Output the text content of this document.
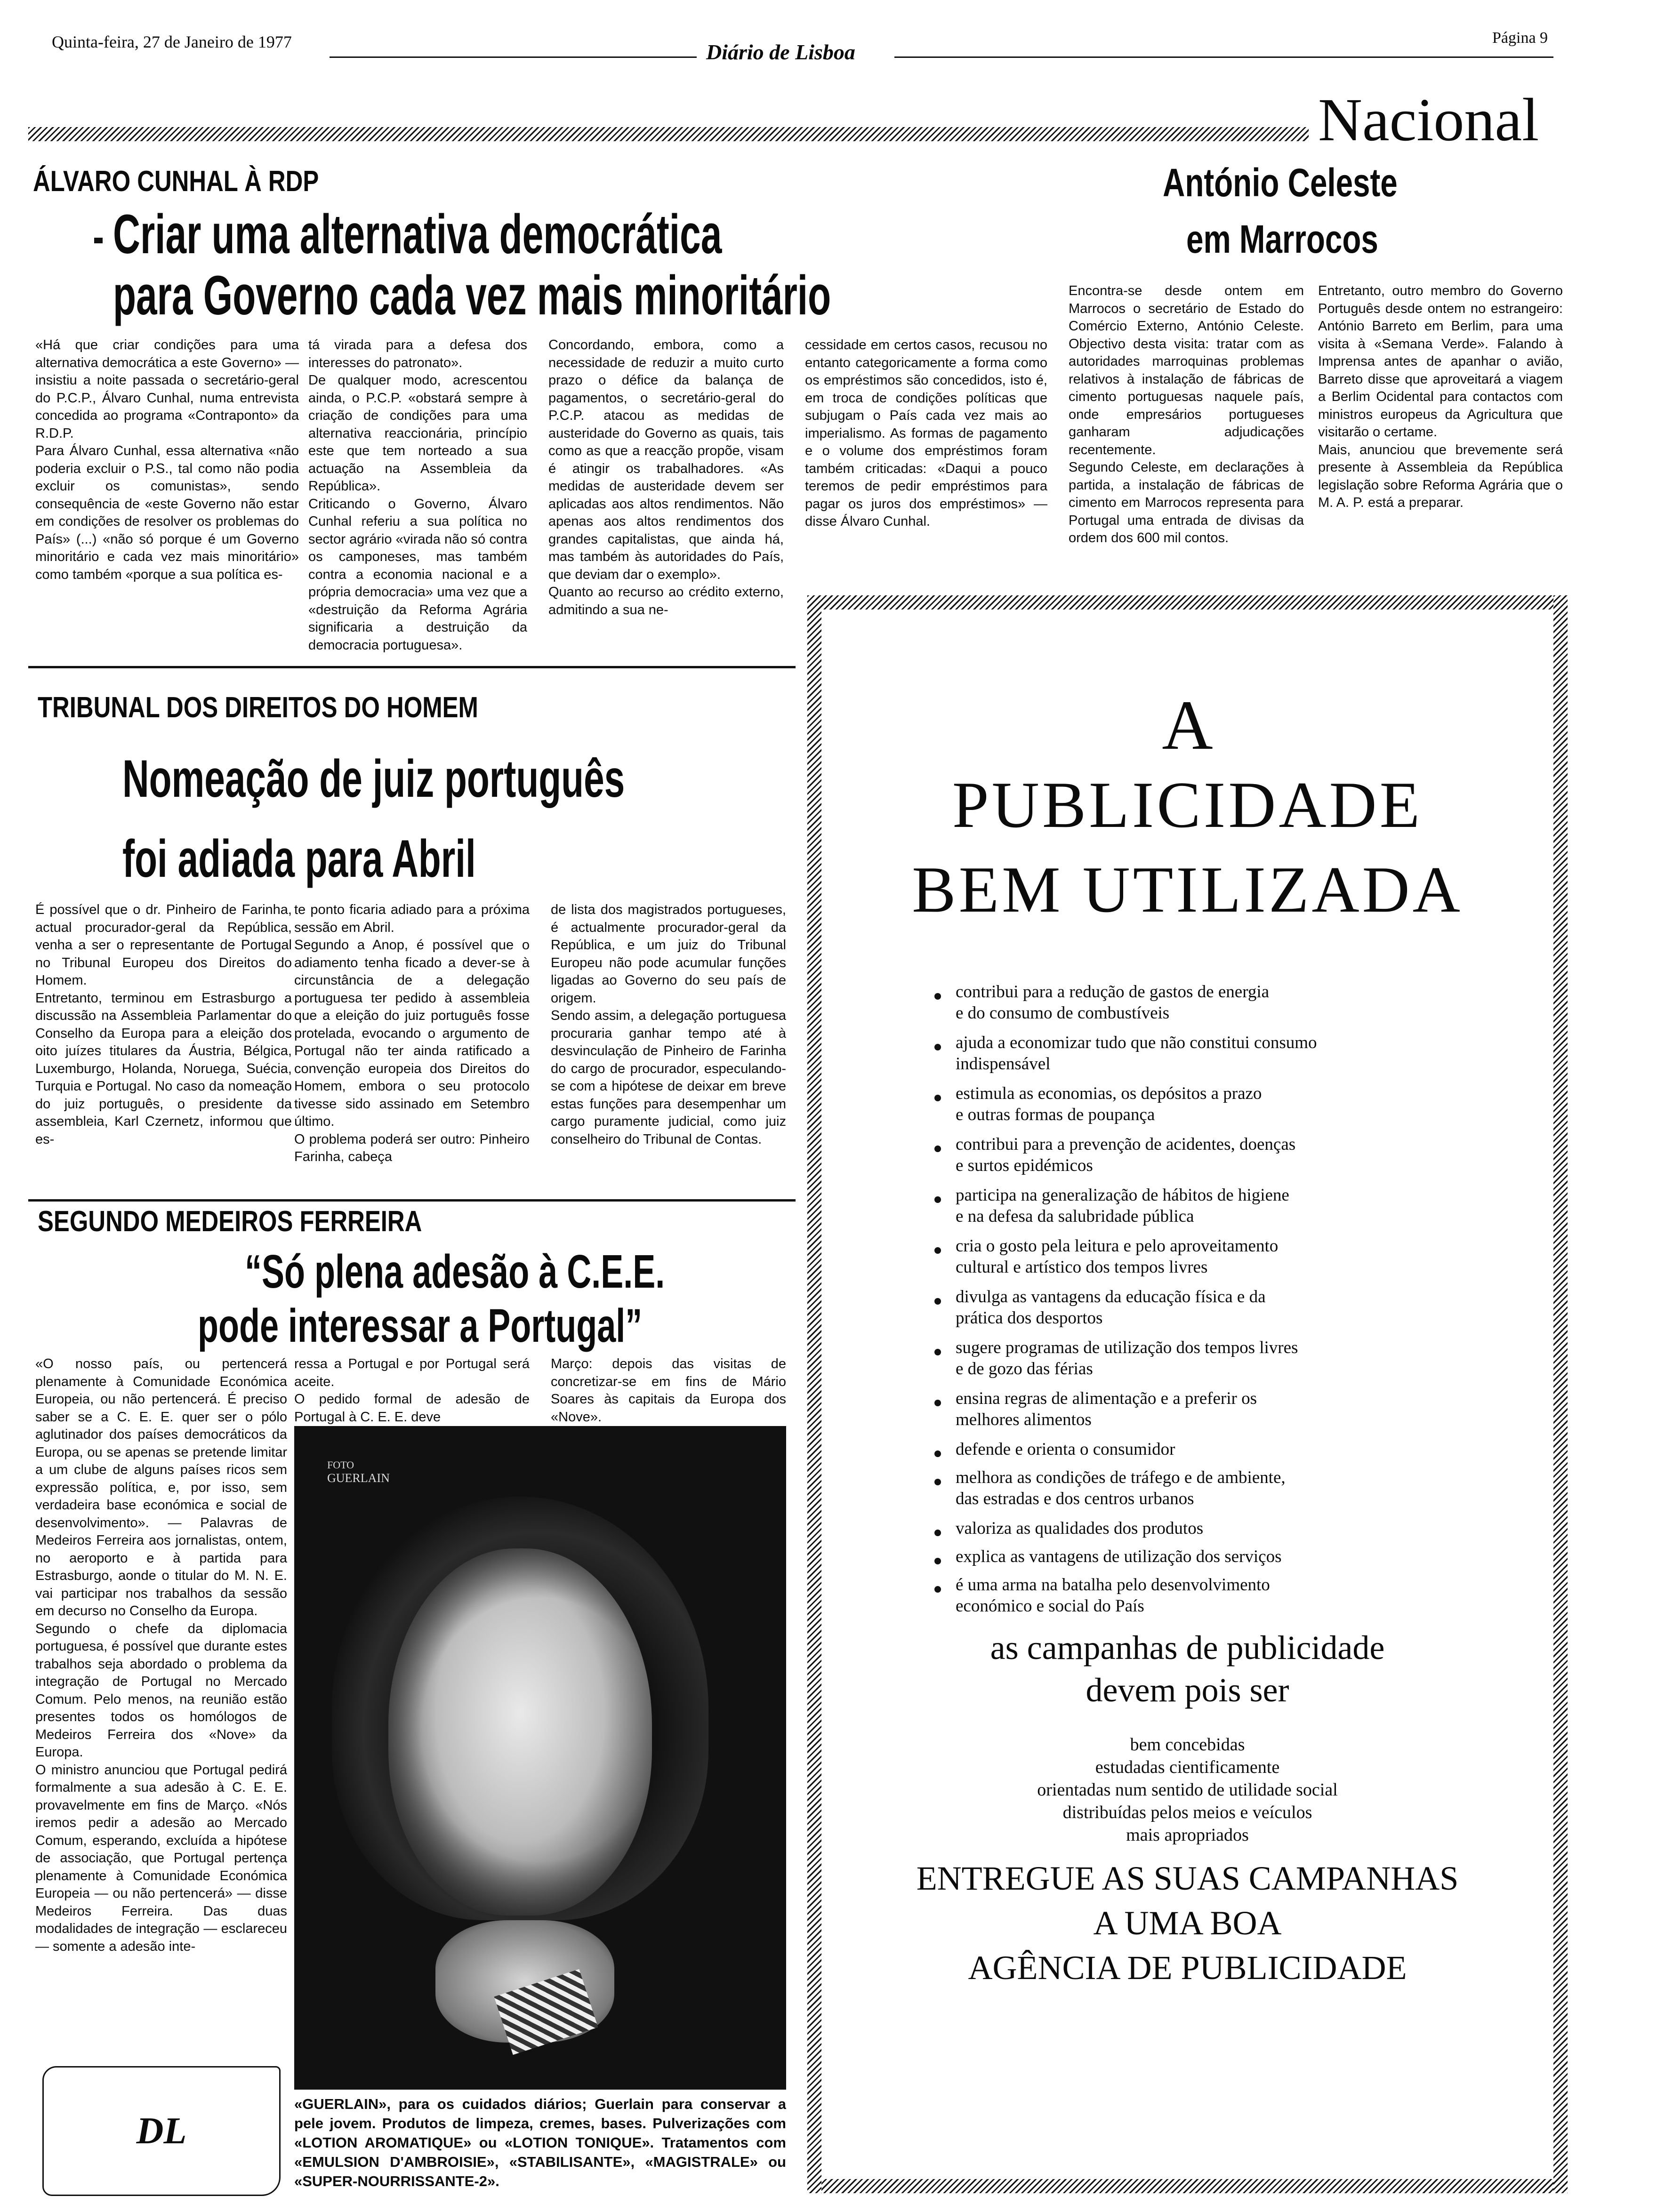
Quinta-feira, 27 de Janeiro de 1977	Diário de Lisboa
Página 9
Nacional
ÁLVARO CUNHAL À RDP
Criar uma alternativa democrática
para Governo cada vez mais minoritário
«Há que criar condições para uma alternativa democrática a este Governo» — insistiu a noite passada o secretário-geral do P.C.P., Álvaro Cunhal, numa entrevista concedida ao programa «Contraponto» da R.D.P.
Para Álvaro Cunhal, essa alternativa «não poderia excluir o P.S., tal como não podia excluir os comunistas», sendo consequência de «este Governo não estar em condições de resolver os problemas do País» (...) «não só porque é um Governo minoritário e cada vez mais minoritário» como também «porque a sua política es-
tá virada para a defesa dos interesses do patronato».
De qualquer modo, acrescentou ainda, o P.C.P. «obstará sempre à criação de condições para uma alternativa reaccionária, princípio este que tem norteado a sua actuação na Assembleia da República».
Criticando o Governo, Álvaro Cunhal referiu a sua política no sector agrário «virada não só contra os camponeses, mas também contra a economia nacional e a própria democracia» uma vez que a «destruição da Reforma Agrária significaria a destruição da democracia portuguesa».
Concordando, embora, como a necessidade de reduzir a muito curto prazo o défice da balança de pagamentos, o secretário-geral do P.C.P. atacou as medidas de austeridade do Governo as quais, tais como as que a reacção propõe, visam é atingir os trabalhadores. «As medidas de austeridade devem ser aplicadas aos altos rendimentos. Não apenas aos altos rendimentos dos grandes capitalistas, que ainda há, mas também às autoridades do País, que deviam dar o exemplo».
Quanto ao recurso ao crédito externo, admitindo a sua ne-
cessidade em certos casos, recusou no entanto categoricamente a forma como os empréstimos são concedidos, isto é, em troca de condições políticas que subjugam o País cada vez mais ao imperialismo. As formas de pagamento e o volume dos empréstimos foram também criticadas: «Daqui a pouco teremos de pedir empréstimos para pagar os juros dos empréstimos» — disse Álvaro Cunhal.
António Celeste
em Marrocos
Encontra-se desde ontem em Marrocos o secretário de Estado do Comércio Externo, António Celeste. Objectivo desta visita: tratar com as autoridades marroquinas problemas relativos à instalação de fábricas de cimento portuguesas naquele país, onde empresários portugueses ganharam adjudicações recentemente.
Segundo Celeste, em declarações à partida, a instalação de fábricas de cimento em Marrocos representa para Portugal uma entrada de divisas da ordem dos 600 mil contos.
Entretanto, outro membro do Governo Português desde ontem no estrangeiro: António Barreto em Berlim, para uma visita à «Semana Verde». Falando à Imprensa antes de apanhar o avião, Barreto disse que aproveitará a viagem a Berlim Ocidental para contactos com ministros europeus da Agricultura que visitarão o certame.
Mais, anunciou que brevemente será presente à Assembleia da República legislação sobre Reforma Agrária que o M. A. P. está a preparar.
TRIBUNAL DOS DIREITOS DO HOMEM
Nomeação de juiz português
foi adiada para Abril
É possível que o dr. Pinheiro de Farinha, actual procurador-geral da República, venha a ser o representante de Portugal no Tribunal Europeu dos Direitos do Homem.
Entretanto, terminou em Estrasburgo a discussão na Assembleia Parlamentar do Conselho da Europa para a eleição dos oito juízes titulares da Áustria, Bélgica, Luxemburgo, Holanda, Noruega, Suécia, Turquia e Portugal. No caso da nomeação do juiz português, o presidente da assembleia, Karl Czernetz, informou que es-
te ponto ficaria adiado para a próxima sessão em Abril.
Segundo a Anop, é possível que o adiamento tenha ficado a dever-se à circunstância de a delegação portuguesa ter pedido à assembleia que a eleição do juiz português fosse protelada, evocando o argumento de Portugal não ter ainda ratificado a convenção europeia dos Direitos do Homem, embora o seu protocolo tivesse sido assinado em Setembro último.
O problema poderá ser outro: Pinheiro Farinha, cabeça
de lista dos magistrados portugueses, é actualmente procurador-geral da República, e um juiz do Tribunal Europeu não pode acumular funções ligadas ao Governo do seu país de origem.
Sendo assim, a delegação portuguesa procuraria ganhar tempo até à desvinculação de Pinheiro de Farinha do cargo de procurador, especulando-se com a hipótese de deixar em breve estas funções para desempenhar um cargo puramente judicial, como juiz conselheiro do Tribunal de Contas.
SEGUNDO MEDEIROS FERREIRA
“Só plena adesão à C.E.E.
pode interessar a Portugal”
«O nosso país, ou pertencerá plenamente à Comunidade Económica Europeia, ou não pertencerá. É preciso saber se a C. E. E. quer ser o pólo aglutinador dos países democráticos da Europa, ou se apenas se pretende limitar a um clube de alguns países ricos sem expressão política, e, por isso, sem verdadeira base económica e social de desenvolvimento». — Palavras de Medeiros Ferreira aos jornalistas, ontem, no aeroporto e à partida para Estrasburgo, aonde o titular do M. N. E. vai participar nos trabalhos da sessão em decurso no Conselho da Europa.
Segundo o chefe da diplomacia portuguesa, é possível que durante estes trabalhos seja abordado o problema da integração de Portugal no Mercado Comum. Pelo menos, na reunião estão presentes todos os homólogos de Medeiros Ferreira dos «Nove» da Europa.
O ministro anunciou que Portugal pedirá formalmente a sua adesão à C. E. E. provavelmente em fins de Março. «Nós iremos pedir a adesão ao Mercado Comum, esperando, excluída a hipótese de associação, que Portugal pertença plenamente à Comunidade Económica Europeia — ou não pertencerá» — disse Medeiros Ferreira. Das duas modalidades de integração — esclareceu — somente a adesão inte-
ressa a Portugal e por Portugal será aceite.
O pedido formal de adesão de Portugal à C. E. E. deve
Março: depois das visitas de concretizar-se em fins de Mário Soares às capitais da Europa dos «Nove».
FOTO
GUERLAIN
«GUERLAIN», para os cuidados diários; Guerlain para conservar a pele jovem. Produtos de limpeza, cremes, bases. Pulverizações com «LOTION AROMATIQUE» ou «LOTION TONIQUE». Tratamentos com «EMULSION D'AMBROISIE», «STABILISANTE», «MAGISTRALE» ou «SUPER-NOURRISSANTE-2».
DL
A
PUBLICIDADE
BEM UTILIZADA
contribui para a redução de gastos de energia
e do consumo de combustíveis
ajuda a economizar tudo que não constitui consumo indispensável
estimula as economias, os depósitos a prazo
e outras formas de poupança
contribui para a prevenção de acidentes, doenças
e surtos epidémicos
participa na generalização de hábitos de higiene
e na defesa da salubridade pública
cria o gosto pela leitura e pelo aproveitamento
cultural e artístico dos tempos livres
divulga as vantagens da educação física e da
prática dos desportos
sugere programas de utilização dos tempos livres
e de gozo das férias
ensina regras de alimentação e a preferir os
melhores alimentos
defende e orienta o consumidor
melhora as condições de tráfego e de ambiente,
das estradas e dos centros urbanos
valoriza as qualidades dos produtos
explica as vantagens de utilização dos serviços
é uma arma na batalha pelo desenvolvimento
económico e social do País
as campanhas de publicidade
devem pois ser
bem concebidas
estudadas cientificamente
orientadas num sentido de utilidade social
distribuídas pelos meios e veículos
mais apropriados
ENTREGUE AS SUAS CAMPANHAS
A UMA BOA
AGÊNCIA DE PUBLICIDADE
